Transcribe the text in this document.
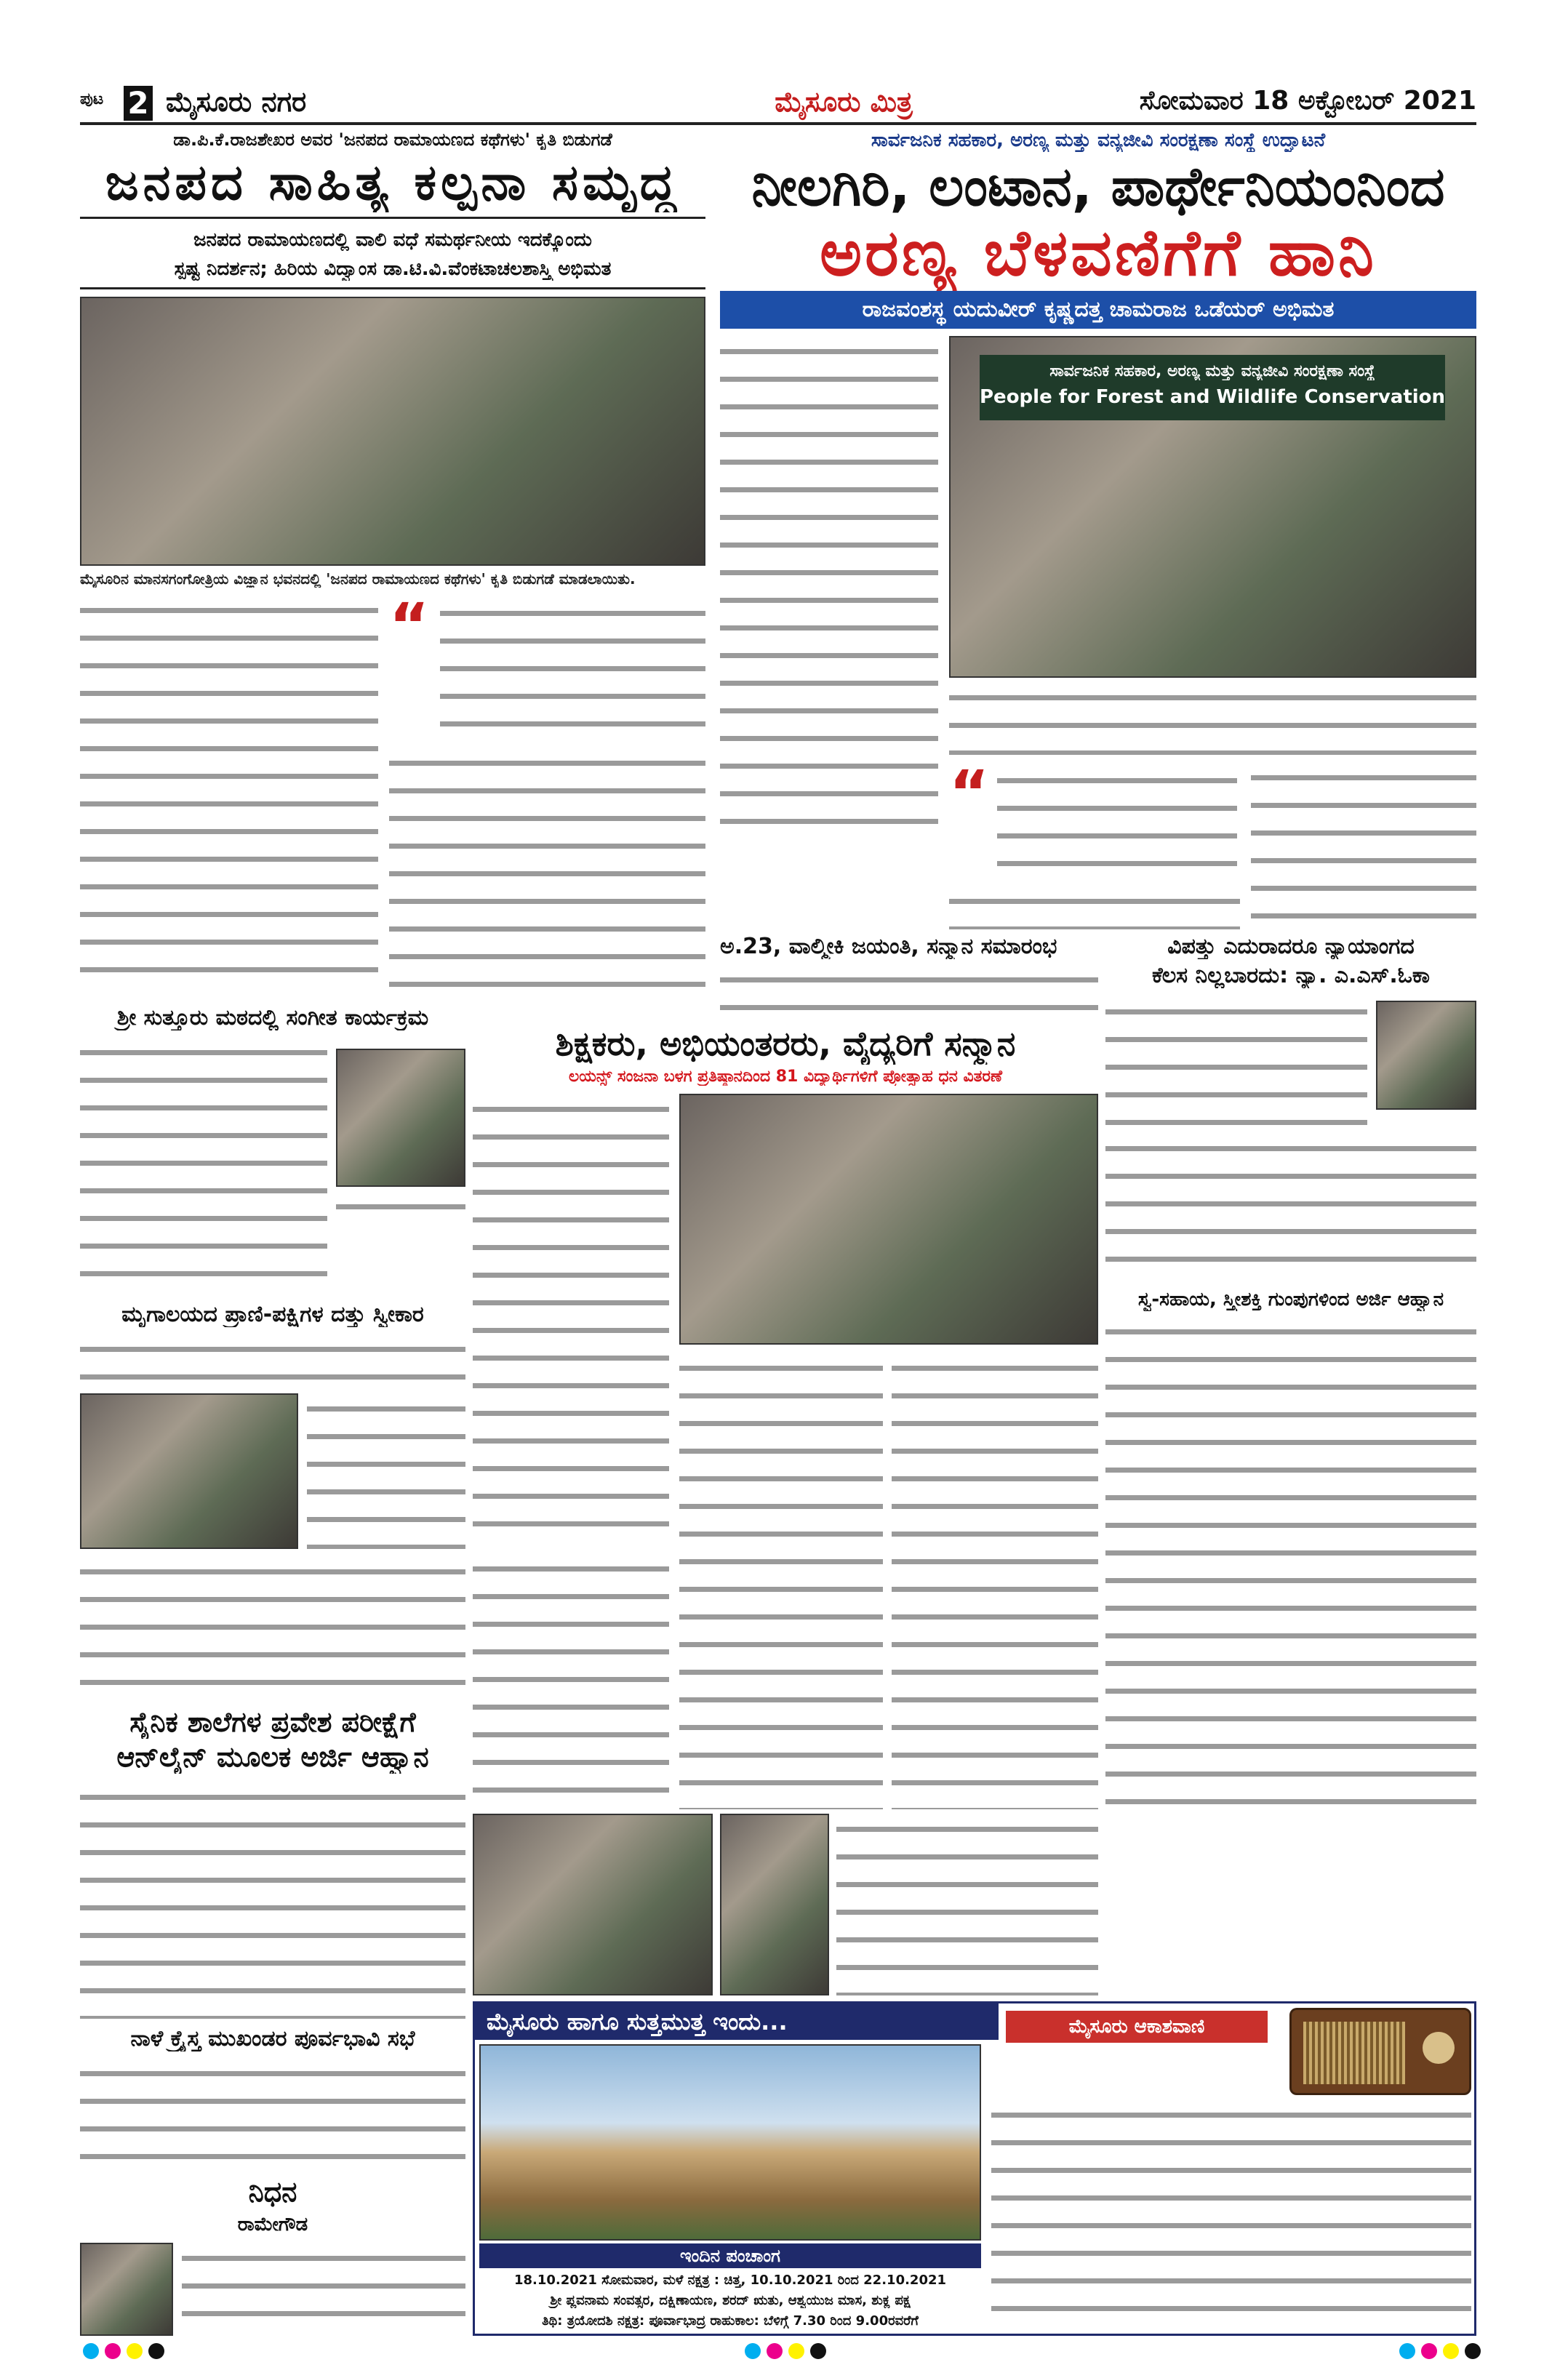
ಪುಟ 2 ಮೈಸೂರು ನಗರ	ಮೈಸೂರು ಮಿತ್ರ	ಸೋಮವಾರ 18 ಅಕ್ಟೋಬರ್ 2021
ಡಾ.ಪಿ.ಕೆ.ರಾಜಶೇಖರ ಅವರ 'ಜನಪದ ರಾಮಾಯಣದ ಕಥೆಗಳು' ಕೃತಿ ಬಿಡುಗಡೆ
ಜನಪದ ಸಾಹಿತ್ಯ ಕಲ್ಪನಾ ಸಮೃದ್ಧ
ಜನಪದ ರಾಮಾಯಣದಲ್ಲಿ ವಾಲಿ ವಧೆ ಸಮರ್ಥನೀಯ ಇದಕ್ಕೊಂದು
ಸ್ಪಷ್ಟ ನಿದರ್ಶನ; ಹಿರಿಯ ವಿದ್ವಾಂಸ ಡಾ.ಟಿ.ವಿ.ವೆಂಕಟಾಚಲಶಾಸ್ತ್ರಿ ಅಭಿಮತ
ಮೈಸೂರಿನ ಮಾನಸಗಂಗೋತ್ರಿಯ ವಿಜ್ಞಾನ ಭವನದಲ್ಲಿ 'ಜನಪದ ರಾಮಾಯಣದ ಕಥೆಗಳು' ಕೃತಿ ಬಿಡುಗಡೆ ಮಾಡಲಾಯಿತು.
“
ಸಾರ್ವಜನಿಕ ಸಹಕಾರ, ಅರಣ್ಯ ಮತ್ತು ವನ್ಯಜೀವಿ ಸಂರಕ್ಷಣಾ ಸಂಸ್ಥೆ ಉದ್ಘಾಟನೆ
ನೀಲಗಿರಿ, ಲಂಟಾನ, ಪಾರ್ಥೇನಿಯಂನಿಂದ
ಅರಣ್ಯ ಬೆಳವಣಿಗೆಗೆ ಹಾನಿ
ರಾಜವಂಶಸ್ಥ ಯದುವೀರ್ ಕೃಷ್ಣದತ್ತ ಚಾಮರಾಜ ಒಡೆಯರ್ ಅಭಿಮತ
ಸಾರ್ವಜನಿಕ ಸಹಕಾರ, ಅರಣ್ಯ ಮತ್ತು ವನ್ಯಜೀವಿ ಸಂರಕ್ಷಣಾ ಸಂಸ್ಥೆ
People for Forest and Wildlife Conservation
“
ಅ.23, ವಾಲ್ಮೀಕಿ ಜಯಂತಿ, ಸನ್ಮಾನ ಸಮಾರಂಭ	ವಿಪತ್ತು ಎದುರಾದರೂ ನ್ಯಾಯಾಂಗದ
ಕೆಲಸ ನಿಲ್ಲಬಾರದು: ನ್ಯಾ. ಎ.ಎಸ್.ಓಕಾ
ಸ್ವ-ಸಹಾಯ, ಸ್ತ್ರೀಶಕ್ತಿ ಗುಂಪುಗಳಿಂದ ಅರ್ಜಿ ಆಹ್ವಾನ
ಶಿಕ್ಷಕರು, ಅಭಿಯಂತರರು, ವೈದ್ಯರಿಗೆ ಸನ್ಮಾನ
ಲಯನ್ಸ್ ಸಂಜನಾ ಬಳಗ ಪ್ರತಿಷ್ಠಾನದಿಂದ 81 ವಿದ್ಯಾರ್ಥಿಗಳಿಗೆ ಪ್ರೋತ್ಸಾಹ ಧನ ವಿತರಣೆ
ಶ್ರೀ ಸುತ್ತೂರು ಮಠದಲ್ಲಿ ಸಂಗೀತ ಕಾರ್ಯಕ್ರಮ
ಮೃಗಾಲಯದ ಪ್ರಾಣಿ-ಪಕ್ಷಿಗಳ ದತ್ತು ಸ್ವೀಕಾರ
ಸೈನಿಕ ಶಾಲೆಗಳ ಪ್ರವೇಶ ಪರೀಕ್ಷೆಗೆ
ಆನ್‌ಲೈನ್ ಮೂಲಕ ಅರ್ಜಿ ಆಹ್ವಾನ
ನಾಳೆ ಕ್ರೈಸ್ತ ಮುಖಂಡರ ಪೂರ್ವಭಾವಿ ಸಭೆ
ನಿಧನ
ರಾಮೇಗೌಡ
ಮೈಸೂರು ಹಾಗೂ ಸುತ್ತಮುತ್ತ ಇಂದು...
ಇಂದಿನ ಪಂಚಾಂಗ
18.10.2021 ಸೋಮವಾರ, ಮಳೆ ನಕ್ಷತ್ರ : ಚಿತ್ತ, 10.10.2021 ರಿಂದ 22.10.2021
ಶ್ರೀ ಪ್ಲವನಾಮ ಸಂವತ್ಸರ, ದಕ್ಷಿಣಾಯಣ, ಶರದ್ ಋತು, ಆಶ್ವಯುಜ ಮಾಸ, ಶುಕ್ಲ ಪಕ್ಷ
ತಿಥಿ: ತ್ರಯೋದಶಿ ನಕ್ಷತ್ರ: ಪೂರ್ವಾಭಾದ್ರ ರಾಹುಕಾಲ: ಬೆಳಿಗ್ಗೆ 7.30 ರಿಂದ 9.00ರವರೆಗೆ
ಮೈಸೂರು ಆಕಾಶವಾಣಿ
